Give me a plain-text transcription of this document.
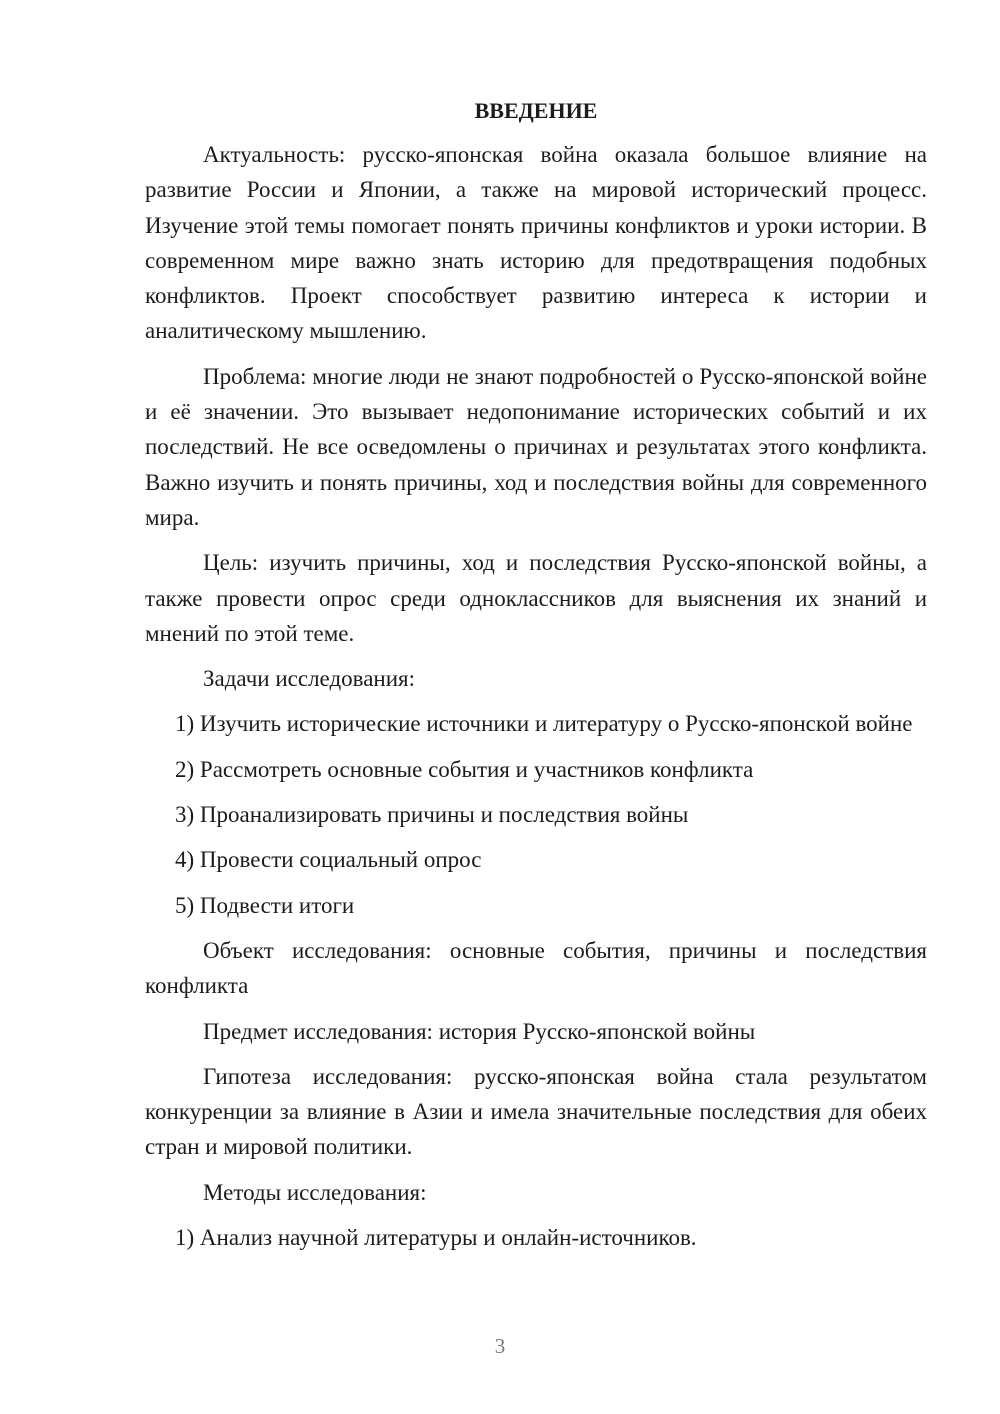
ВВЕДЕНИЕ

Актуальность: русско-японская война оказала большое влияние на развитие России и Японии, а также на мировой исторический процесс. Изучение этой темы помогает понять причины конфликтов и уроки истории. В современном мире важно знать историю для предотвращения подобных конфликтов. Проект способствует развитию интереса к истории и аналитическому мышлению.

Проблема: многие люди не знают подробностей о Русско-японской войне и её значении. Это вызывает недопонимание исторических событий и их последствий. Не все осведомлены о причинах и результатах этого конфликта. Важно изучить и понять причины, ход и последствия войны для современного мира.

Цель: изучить причины, ход и последствия Русско-японской войны, а также провести опрос среди одноклассников для выяснения их знаний и мнений по этой теме.

Задачи исследования:

1) Изучить исторические источники и литературу о Русско-японской войне

2) Рассмотреть основные события и участников конфликта

3) Проанализировать причины и последствия войны

4) Провести социальный опрос

5) Подвести итоги

Объект исследования: основные события, причины и последствия конфликта

Предмет исследования: история Русско-японской войны

Гипотеза исследования: русско-японская война стала результатом конкуренции за влияние в Азии и имела значительные последствия для обеих стран и мировой политики.

Методы исследования:

1) Анализ научной литературы и онлайн-источников.

3
